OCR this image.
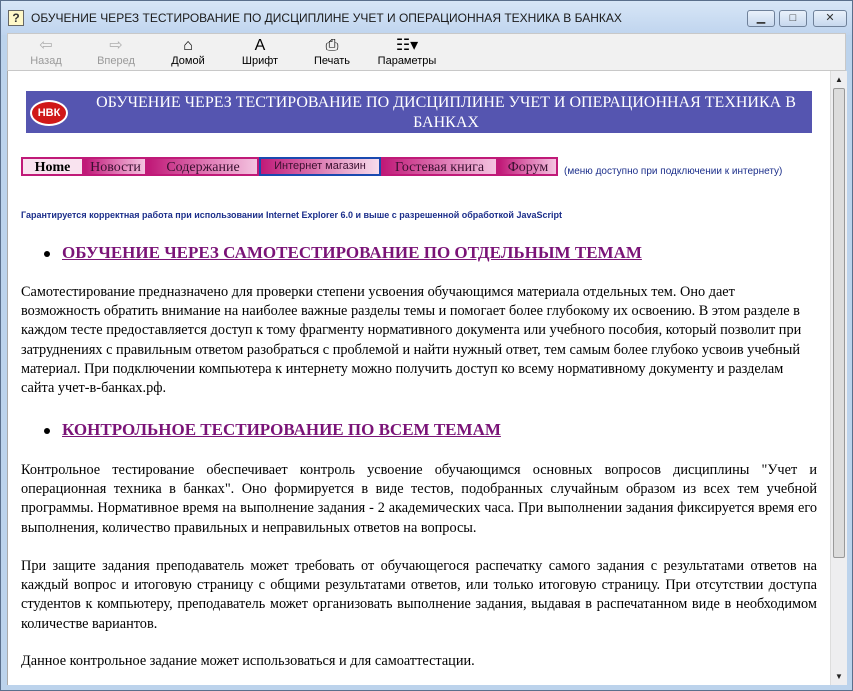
? ОБУЧЕНИЕ ЧЕРЕЗ ТЕСТИРОВАНИЕ ПО ДИСЦИПЛИНЕ УЧЕТ И ОПЕРАЦИОННАЯ ТЕХНИКА В БАНКАХ	▁	□	✕
⇦
Назад
⇨
Вперед
⌂
Домой
A
Шрифт
⎙
Печать
☷▾
Параметры
НВК
ОБУЧЕНИЕ ЧЕРЕЗ ТЕСТИРОВАНИЕ ПО ДИСЦИПЛИНЕ УЧЕТ И ОПЕРАЦИОННАЯ ТЕХНИКА В БАНКАХ
Home	Новости	Содержание	Интернет магазин	Гостевая книга	Форум	(меню доступно при подключении к интернету)
Гарантируется корректная работа при использовании Internet Explorer 6.0 и выше с разрешенной обработкой JavaScript
ОБУЧЕНИЕ ЧЕРЕЗ САМОТЕСТИРОВАНИЕ ПО ОТДЕЛЬНЫМ ТЕМАМ
Самотестирование предназначено для проверки степени усвоения обучающимся материала отдельных тем. Оно дает возможность обратить внимание на наиболее важные разделы темы и помогает более глубокому их освоению. В этом разделе в каждом тесте предоставляется доступ к тому фрагменту нормативного документа или учебного пособия, который позволит при затруднениях с правильным ответом разобраться с проблемой и найти нужный ответ, тем самым более глубоко усвоив учебный материал. При подключении компьютера к интернету можно получить доступ ко всему нормативному документу и разделам сайта учет-в-банках.рф.
КОНТРОЛЬНОЕ ТЕСТИРОВАНИЕ ПО ВСЕМ ТЕМАМ
Контрольное тестирование обеспечивает контроль усвоение обучающимся основных вопросов дисциплины "Учет и операционная техника в банках". Оно формируется в виде тестов, подобранных случайным образом из всех тем учебной программы. Нормативное время на выполнение задания - 2 академических часа. При выполнении задания фиксируется время его выполнения, количество правильных и неправильных ответов на вопросы.
При защите задания преподаватель может требовать от обучающегося распечатку самого задания с результатами ответов на каждый вопрос и итоговую страницу с общими результатами ответов, или только итоговую страницу. При отсутствии доступа студентов к компьютеру, преподаватель может организовать выполнение задания, выдавая в распечатанном виде в необходимом количестве вариантов.
Данное контрольное задание может использоваться и для самоаттестации.
▲
▼
